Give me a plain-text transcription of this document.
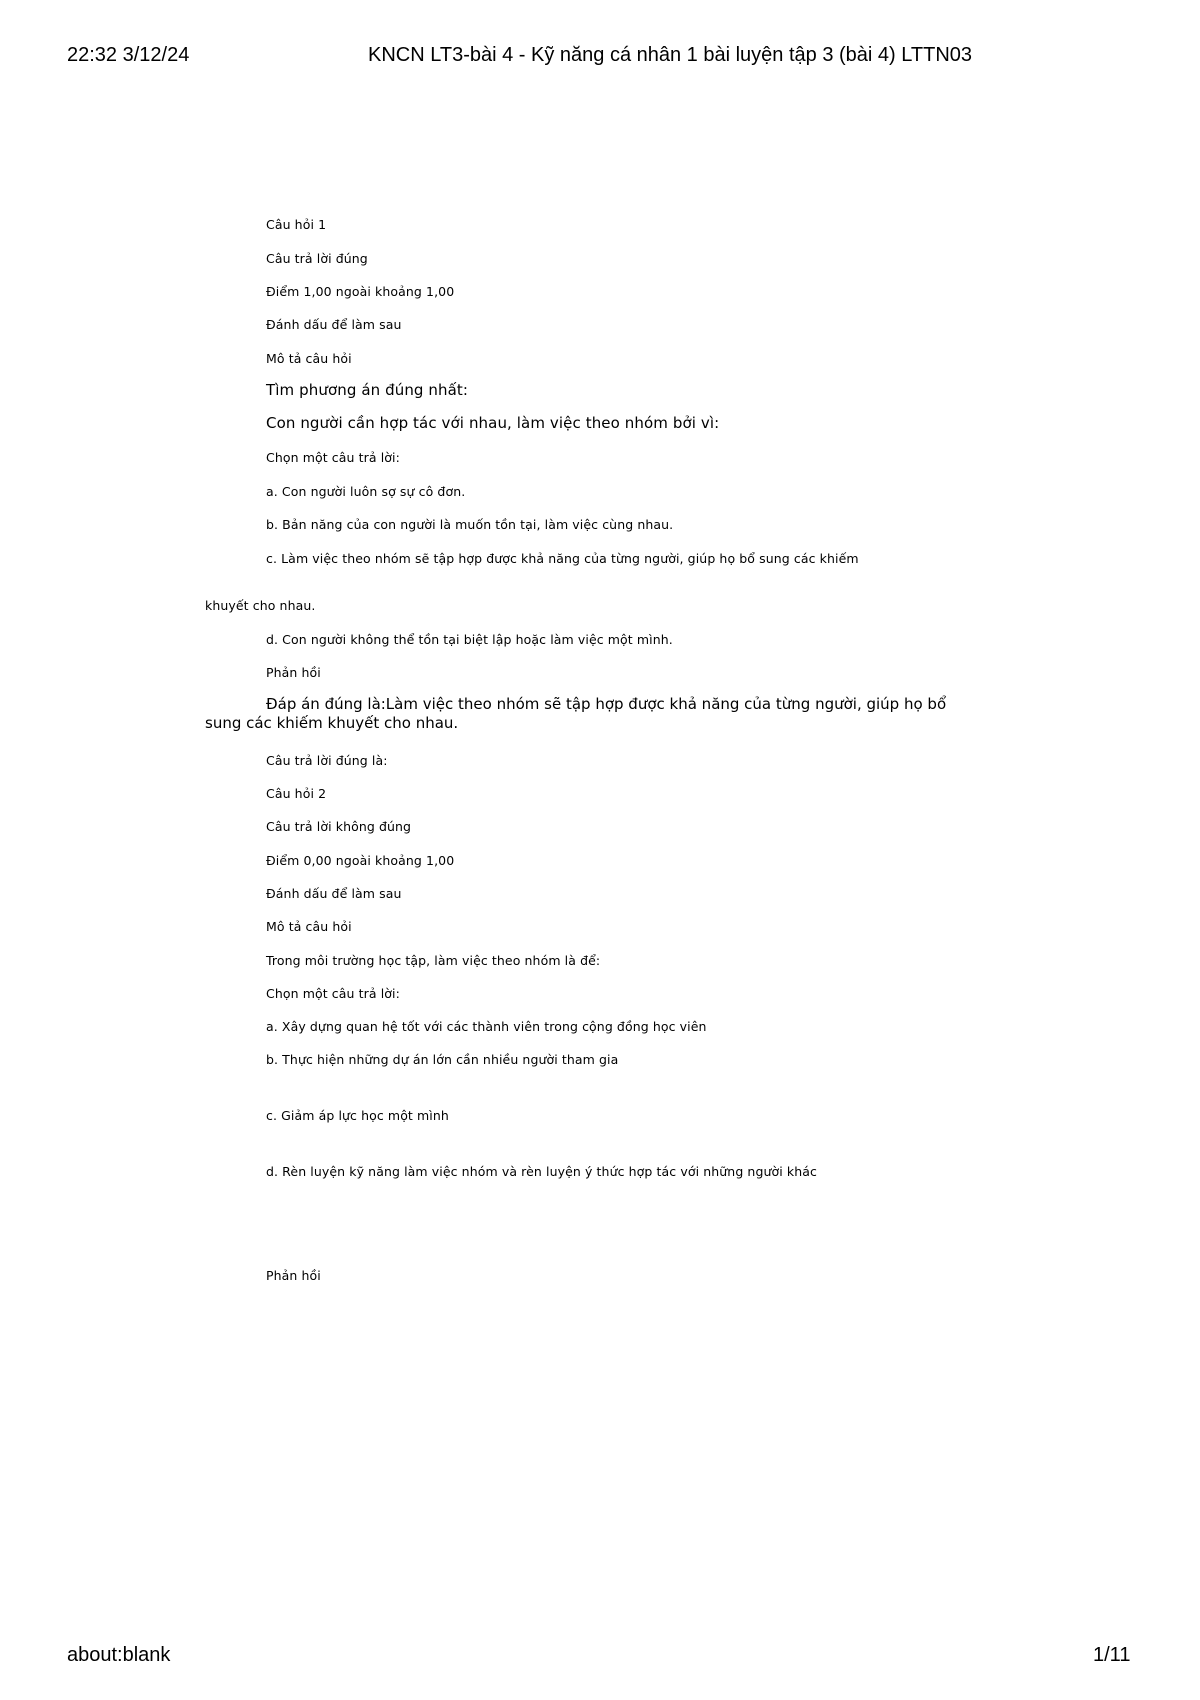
22:32 3/12/24	KNCN LT3-bài 4 - Kỹ năng cá nhân 1 bài luyện tập 3 (bài 4) LTTN03
Câu hỏi 1
Câu trả lời đúng
Điểm 1,00 ngoài khoảng 1,00
Đánh dấu để làm sau
Mô tả câu hỏi
Tìm phương án đúng nhất:
Con người cần hợp tác với nhau, làm việc theo nhóm bởi vì:
Chọn một câu trả lời:
a. Con người luôn sợ sự cô đơn.
b. Bản năng của con người là muốn tồn tại, làm việc cùng nhau.
c. Làm việc theo nhóm sẽ tập hợp được khả năng của từng người, giúp họ bổ sung các khiếm
khuyết cho nhau.
d. Con người không thể tồn tại biệt lập hoặc làm việc một mình.
Phản hồi
Đáp án đúng là:Làm việc theo nhóm sẽ tập hợp được khả năng của từng người, giúp họ bổ sung các khiếm khuyết cho nhau.
Câu trả lời đúng là:
Câu hỏi 2
Câu trả lời không đúng
Điểm 0,00 ngoài khoảng 1,00
Đánh dấu để làm sau
Mô tả câu hỏi
Trong môi trường học tập, làm việc theo nhóm là để:
Chọn một câu trả lời:
a. Xây dựng quan hệ tốt với các thành viên trong cộng đồng học viên
b. Thực hiện những dự án lớn cần nhiều người tham gia
c. Giảm áp lực học một mình
d. Rèn luyện kỹ năng làm việc nhóm và rèn luyện ý thức hợp tác với những người khác
Phản hồi
about:blank	1/11
